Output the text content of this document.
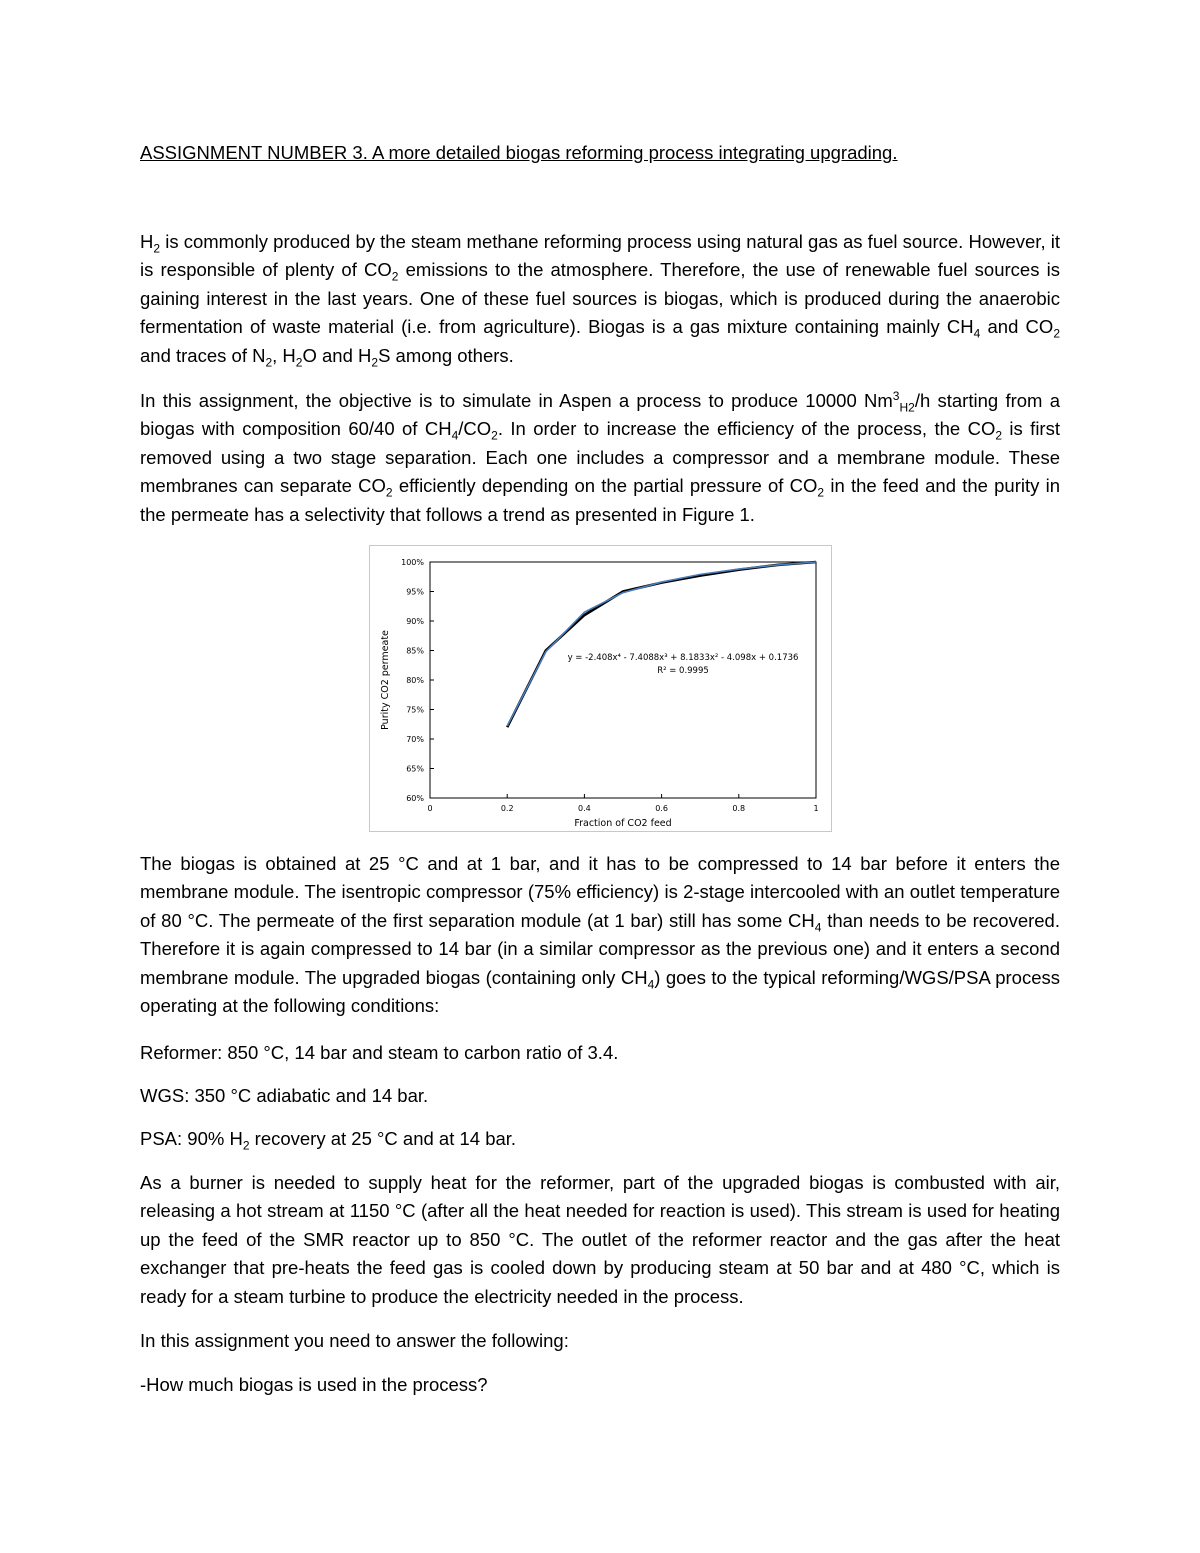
ASSIGNMENT NUMBER 3. A more detailed biogas reforming process integrating upgrading.

$H_2$ is commonly produced by the steam methane reforming process using natural gas as fuel source. However, it is responsible of plenty of $CO_2$ emissions to the atmosphere. Therefore, the use of renewable fuel sources is gaining interest in the last years. One of these fuel sources is biogas, which is produced during the anaerobic fermentation of waste material (i.e. from agriculture). Biogas is a gas mixture containing mainly $CH_4$ and $CO_2$ and traces of $N_2$, $H_2O$ and $H_2S$ among others.

In this assignment, the objective is to simulate in Aspen a process to produce 10000 $Nm^3_{H2}/h$ starting from a biogas with composition 60/40 of $CH_4/CO_2$. In order to increase the efficiency of the process, the $CO_2$ is first removed using a two stage separation. Each one includes a compressor and a membrane module. These membranes can separate $CO_2$ efficiently depending on the partial pressure of $CO_2$ in the feed and the purity in the permeate has a selectivity that follows a trend as presented in Figure 1.

60%
65%
70%
75%
80%
85%
90%
95%
100%
0	0.2	0.4	0.6	0.8	1
Purity CO2 permeate
Fraction of CO2 feed
y = -2.408x⁴ - 7.4088x³ + 8.1833x² - 4.098x + 0.1736
R² = 0.9995

The biogas is obtained at 25 °C and at 1 bar, and it has to be compressed to 14 bar before it enters the membrane module. The isentropic compressor (75% efficiency) is 2-stage intercooled with an outlet temperature of 80 °C. The permeate of the first separation module (at 1 bar) still has some $CH_4$ than needs to be recovered. Therefore it is again compressed to 14 bar (in a similar compressor as the previous one) and it enters a second membrane module. The upgraded biogas (containing only $CH_4$) goes to the typical reforming/WGS/PSA process operating at the following conditions:

Reformer: 850 °C, 14 bar and steam to carbon ratio of 3.4.
WGS: 350 °C adiabatic and 14 bar.
PSA: 90% $H_2$ recovery at 25 °C and at 14 bar.

As a burner is needed to supply heat for the reformer, part of the upgraded biogas is combusted with air, releasing a hot stream at 1150 °C (after all the heat needed for reaction is used). This stream is used for heating up the feed of the SMR reactor up to 850 °C. The outlet of the reformer reactor and the gas after the heat exchanger that pre-heats the feed gas is cooled down by producing steam at 50 bar and at 480 °C, which is ready for a steam turbine to produce the electricity needed in the process.

In this assignment you need to answer the following:
-How much biogas is used in the process?
